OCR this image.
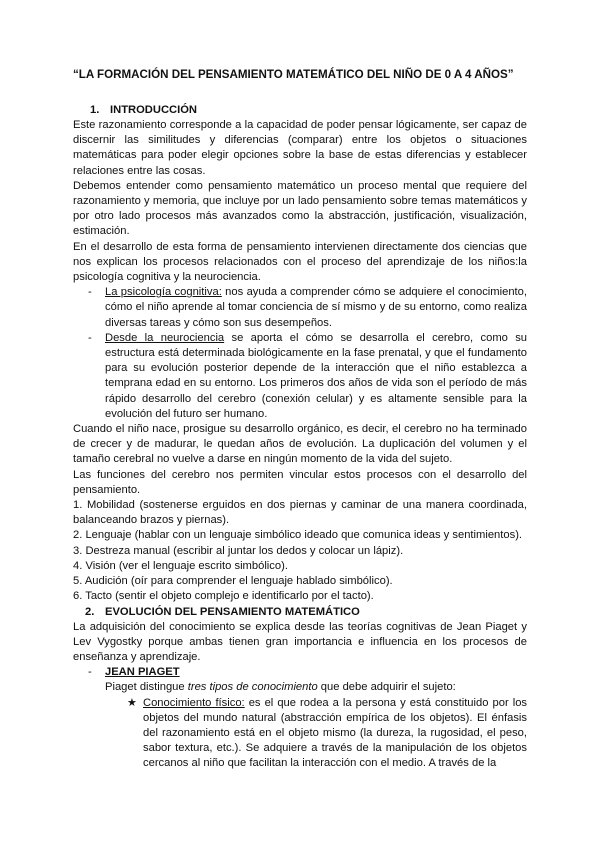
“LA FORMACIÓN DEL PENSAMIENTO MATEMÁTICO DEL NIÑO DE 0 A 4 AÑOS”

1. INTRODUCCIÓN

Este razonamiento corresponde a la capacidad de poder pensar lógicamente, ser capaz de discernir las similitudes y diferencias (comparar) entre los objetos o situaciones matemáticas para poder elegir opciones sobre la base de estas diferencias y establecer relaciones entre las cosas.

Debemos entender como pensamiento matemático un proceso mental que requiere del razonamiento y memoria, que incluye por un lado pensamiento sobre temas matemáticos y por otro lado procesos más avanzados como la abstracción, justificación, visualización, estimación.

En el desarrollo de esta forma de pensamiento intervienen directamente dos ciencias que nos explican los procesos relacionados con el proceso del aprendizaje de los niños:la psicología cognitiva y la neurociencia.

- La psicología cognitiva: nos ayuda a comprender cómo se adquiere el conocimiento, cómo el niño aprende al tomar conciencia de sí mismo y de su entorno, como realiza diversas tareas y cómo son sus desempeños.

- Desde la neurociencia se aporta el cómo se desarrolla el cerebro, como su estructura está determinada biológicamente en la fase prenatal, y que el fundamento para su evolución posterior depende de la interacción que el niño establezca a temprana edad en su entorno. Los primeros dos años de vida son el período de más rápido desarrollo del cerebro (conexión celular) y es altamente sensible para la evolución del futuro ser humano.

Cuando el niño nace, prosigue su desarrollo orgánico, es decir, el cerebro no ha terminado de crecer y de madurar, le quedan años de evolución. La duplicación del volumen y el tamaño cerebral no vuelve a darse en ningún momento de la vida del sujeto.

Las funciones del cerebro nos permiten vincular estos procesos con el desarrollo del pensamiento.

1. Mobilidad (sostenerse erguidos en dos piernas y caminar de una manera coordinada, balanceando brazos y piernas).

2. Lenguaje (hablar con un lenguaje simbólico ideado que comunica ideas y sentimientos).

3. Destreza manual (escribir al juntar los dedos y colocar un lápiz).

4. Visión (ver el lenguaje escrito simbólico).

5. Audición (oír para comprender el lenguaje hablado simbólico).

6. Tacto (sentir el objeto complejo e identificarlo por el tacto).

2. EVOLUCIÓN DEL PENSAMIENTO MATEMÁTICO

La adquisición del conocimiento se explica desde las teorías cognitivas de Jean Piaget y Lev Vygostky porque ambas tienen gran importancia e influencia en los procesos de enseñanza y aprendizaje.

- JEAN PIAGET

Piaget distingue tres tipos de conocimiento que debe adquirir el sujeto:

★ Conocimiento físico: es el que rodea a la persona y está constituido por los objetos del mundo natural (abstracción empírica de los objetos). El énfasis del razonamiento está en el objeto mismo (la dureza, la rugosidad, el peso, sabor textura, etc.). Se adquiere a través de la manipulación de los objetos cercanos al niño que facilitan la interacción con el medio. A través de la
